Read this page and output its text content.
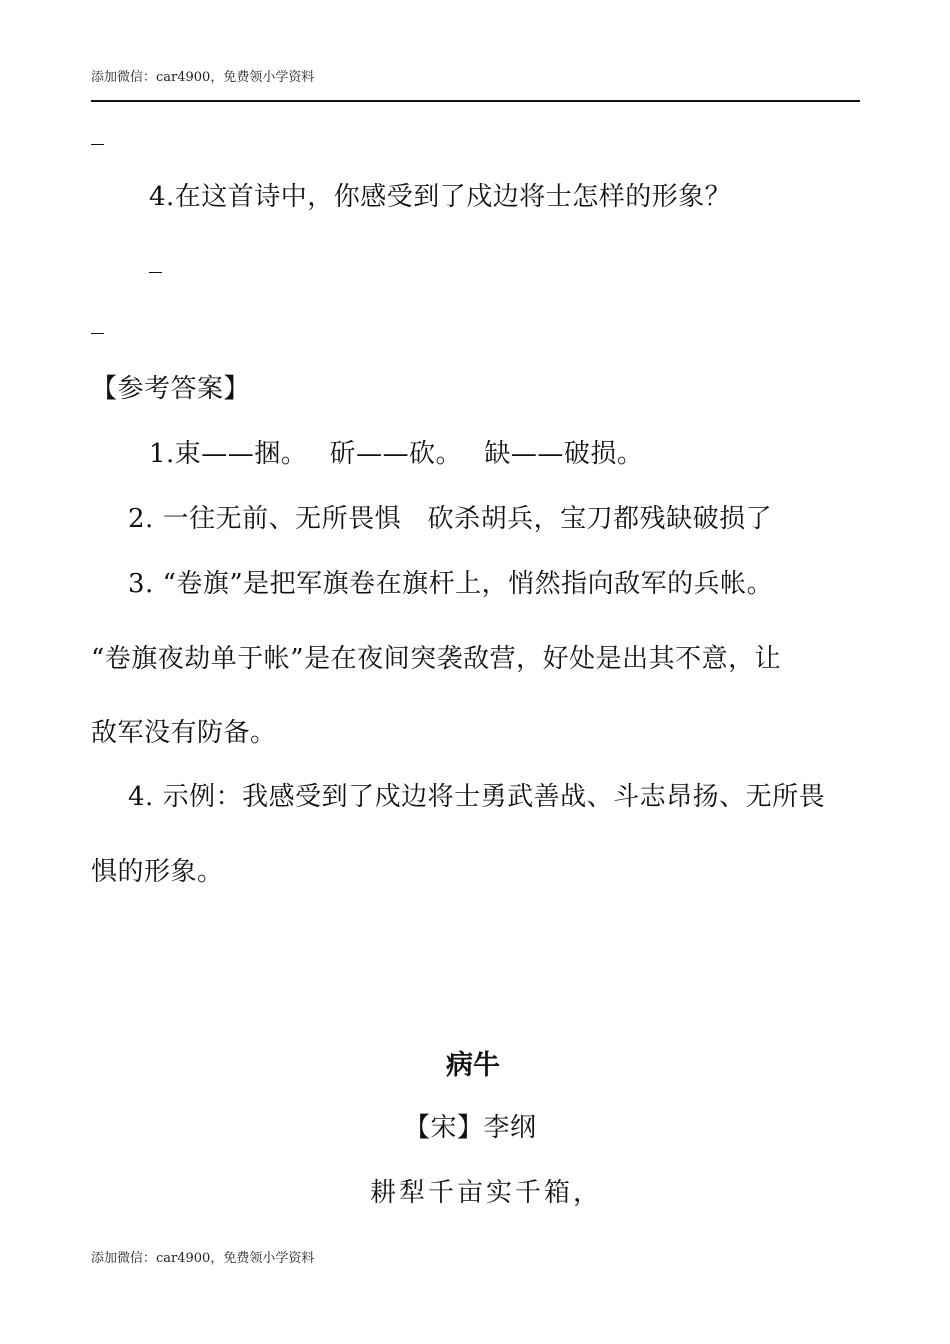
添加微信：car4900，免费领小学资料
4.在这首诗中，你感受到了戍边将士怎样的形象？
【参考答案】
1.束——捆。　 斫——砍。　 缺——破损。
2. 一往无前、无所畏惧　砍杀胡兵，宝刀都残缺破损了
3. “卷旗”是把军旗卷在旗杆上，悄然指向敌军的兵帐。
“卷旗夜劫单于帐”是在夜间突袭敌营，好处是出其不意，让
敌军没有防备。
4. 示例：我感受到了戍边将士勇武善战、斗志昂扬、无所畏
惧的形象。
病牛
【宋】李纲
耕犁千亩实千箱，
添加微信：car4900，免费领小学资料
